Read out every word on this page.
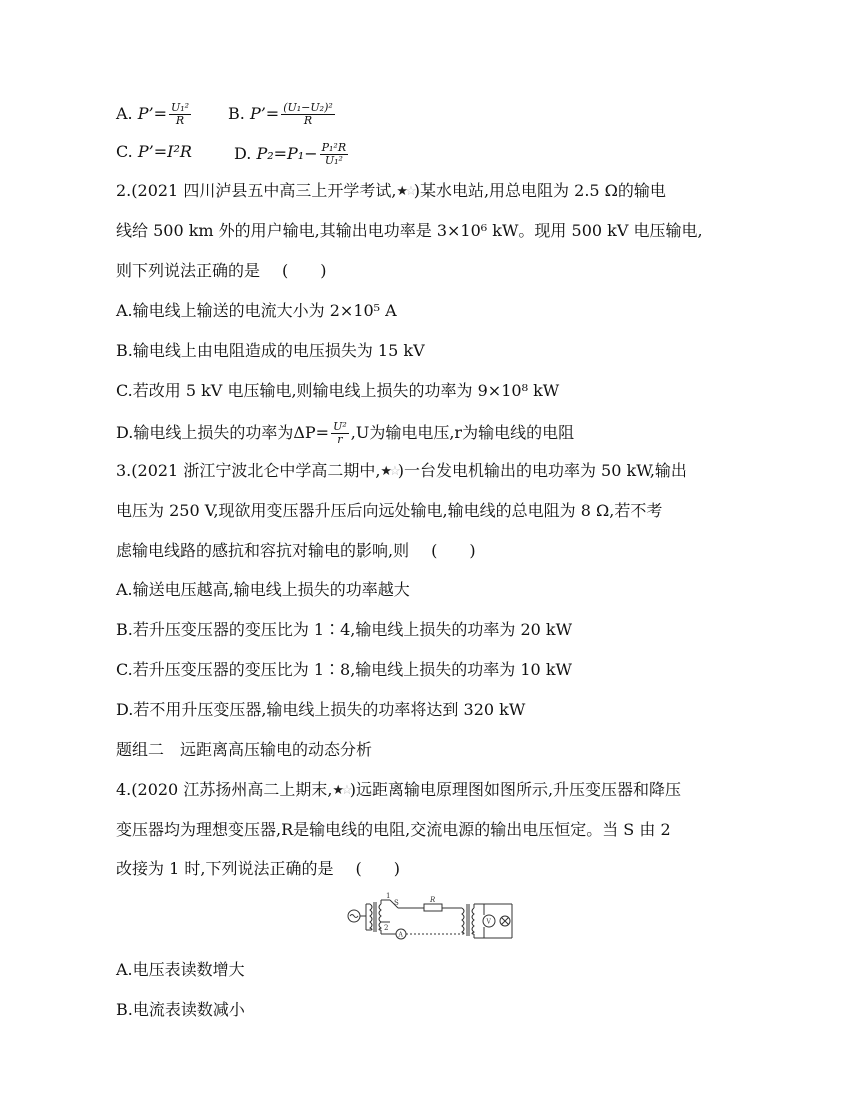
A. P’= $\frac{\text{U₁²}}{R} B$. P’= $\frac{\text{(U₁−U₂)²}}{R}$
C. P’=I²R	D. $P_2=P_1- \frac{\text{P₁²R}}{\text{U₁²}}$
2.(2021 四川泸县五中高三上开学考试,★☆)某水电站,用总电阻为 2.5 Ω的输电
线给 500 km 外的用户输电,其输出电功率是 3×10⁶ kW。现用 500 kV 电压输电,
则下列说法正确的是 (　　)
A.输电线上输送的电流大小为 2×10⁵ A
B.输电线上由电阻造成的电压损失为 15 kV
C.若改用 5 kV 电压输电,则输电线上损失的功率为 9×10⁸ kW
D.输电线上损失的功率为$\Delta P= \frac{\text{U²}}{r} ,U$为输电电压,r为输电线的电阻
3.(2021 浙江宁波北仑中学高二期中,★☆)一台发电机输出的电功率为 50 kW,输出
电压为 250 V,现欲用变压器升压后向远处输电,输电线的总电阻为 8 Ω,若不考
虑输电线路的感抗和容抗对输电的影响,则 (　　)
A.输送电压越高,输电线上损失的功率越大
B.若升压变压器的变压比为 1∶4,输电线上损失的功率为 20 kW
C.若升压变压器的变压比为 1∶8,输电线上损失的功率为 10 kW
D.若不用升压变压器,输电线上损失的功率将达到 320 kW
题组二　远距离高压输电的动态分析
4.(2020 江苏扬州高二上期末,★☆)远距离输电原理图如图所示,升压变压器和降压
变压器均为理想变压器,R是输电线的电阻,交流电源的输出电压恒定。当 S 由 2
改接为 1 时,下列说法正确的是 (　　)
1
S
2
R
A
V
A.电压表读数增大
B.电流表读数减小
